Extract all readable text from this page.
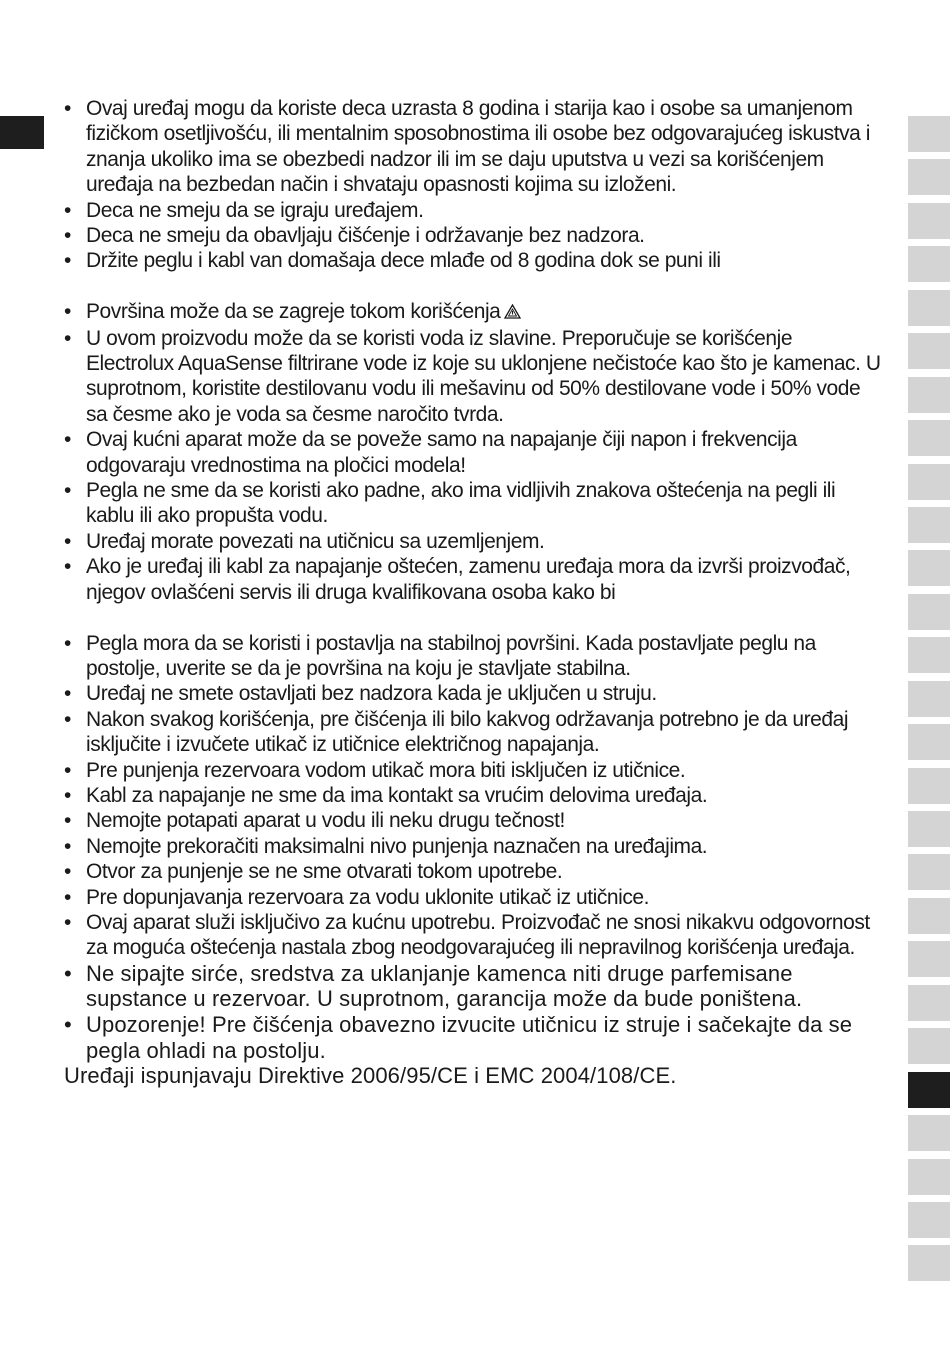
• Ovaj uređaj mogu da koriste deca uzrasta 8 godina i starija kao i osobe sa umanjenom fizičkom osetljivošću, ili mentalnim sposobnostima ili osobe bez odgovarajućeg iskustva i znanja ukoliko ima se obezbedi nadzor ili im se daju uputstva u vezi sa korišćenjem uređaja na bezbedan način i shvataju opasnosti kojima su izloženi.
• Deca ne smeju da se igraju uređajem.
• Deca ne smeju da obavljaju čišćenje i održavanje bez nadzora.
• Držite peglu i kabl van domašaja dece mlađe od 8 godina dok se puni ili
• Površina može da se zagreje tokom korišćenja
• U ovom proizvodu može da se koristi voda iz slavine. Preporučuje se korišćenje Electrolux AquaSense filtrirane vode iz koje su uklonjene nečistoće kao što je kamenac. U suprotnom, koristite destilovanu vodu ili mešavinu od 50% destilovane vode i 50% vode sa česme ako je voda sa česme naročito tvrda.
• Ovaj kućni aparat može da se poveže samo na napajanje čiji napon i frekvencija odgovaraju vrednostima na pločici modela!
• Pegla ne sme da se koristi ako padne, ako ima vidljivih znakova oštećenja na pegli ili kablu ili ako propušta vodu.
• Uređaj morate povezati na utičnicu sa uzemljenjem.
• Ako je uređaj ili kabl za napajanje oštećen, zamenu uređaja mora da izvrši proizvođač, njegov ovlašćeni servis ili druga kvalifikovana osoba kako bi
• Pegla mora da se koristi i postavlja na stabilnoj površini. Kada postavljate peglu na postolje, uverite se da je površina na koju je stavljate stabilna.
• Uređaj ne smete ostavljati bez nadzora kada je uključen u struju.
• Nakon svakog korišćenja, pre čišćenja ili bilo kakvog održavanja potrebno je da uređaj isključite i izvučete utikač iz utičnice električnog napajanja.
• Pre punjenja rezervoara vodom utikač mora biti isključen iz utičnice.
• Kabl za napajanje ne sme da ima kontakt sa vrućim delovima uređaja.
• Nemojte potapati aparat u vodu ili neku drugu tečnost!
• Nemojte prekoračiti maksimalni nivo punjenja naznačen na uređajima.
• Otvor za punjenje se ne sme otvarati tokom upotrebe.
• Pre dopunjavanja rezervoara za vodu uklonite utikač iz utičnice.
• Ovaj aparat služi isključivo za kućnu upotrebu. Proizvođač ne snosi nikakvu odgovornost za moguća oštećenja nastala zbog neodgovarajućeg ili nepravilnog korišćenja uređaja.
• Ne sipajte sirće, sredstva za uklanjanje kamenca niti druge parfemisane supstance u rezervoar. U suprotnom, garancija može da bude poništena.
• Upozorenje! Pre čišćenja obavezno izvucite utičnicu iz struje i sačekajte da se pegla ohladi na postolju.

Uređaji ispunjavaju Direktive 2006/95/CE i EMC 2004/108/CE.
